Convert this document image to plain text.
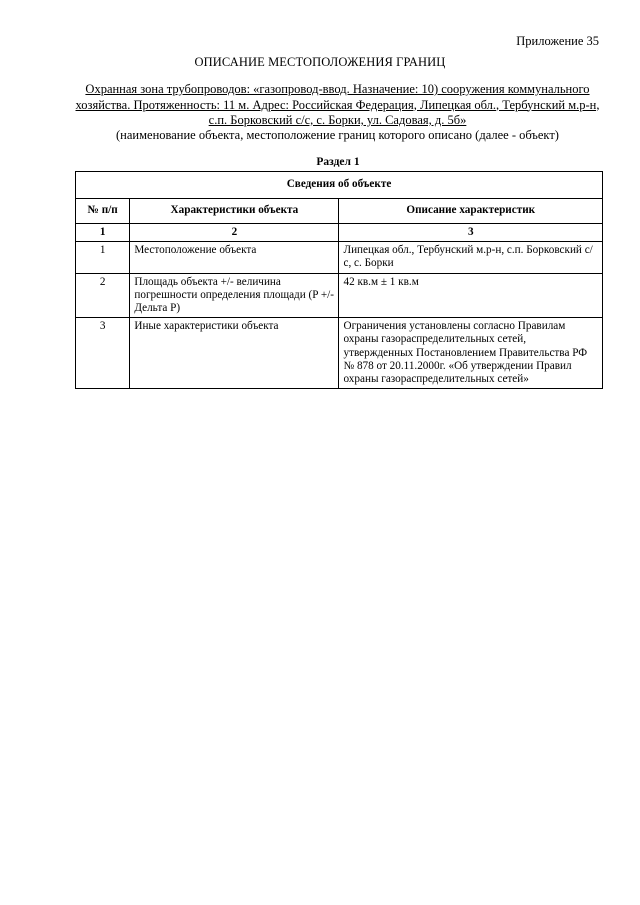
Приложение 35
ОПИСАНИЕ МЕСТОПОЛОЖЕНИЯ ГРАНИЦ
Охранная зона трубопроводов: «газопровод-ввод. Назначение: 10) сооружения коммунального хозяйства. Протяженность: 11 м. Адрес: Российская Федерация, Липецкая обл., Тербунский м.р-н, с.п. Борковский с/с, с. Борки, ул. Садовая, д. 5б»
(наименование объекта, местоположение границ которого описано (далее - объект)
Раздел 1
Сведения об объекте		
№ п/п	Характеристики объекта	Описание характеристик
1	2	3
1	Местоположение объекта	Липецкая обл., Тербунский м.р-н, с.п. Борковский с/с, с. Борки
2	Площадь объекта +/- величина погрешности определения площади (P +/- Дельта P)	42 кв.м ± 1 кв.м
3	Иные характеристики объекта	Ограничения установлены согласно Правилам охраны газораспределительных сетей, утвержденных Постановлением Правительства РФ № 878 от 20.11.2000г. «Об утверждении Правил охраны газораспределительных сетей»
